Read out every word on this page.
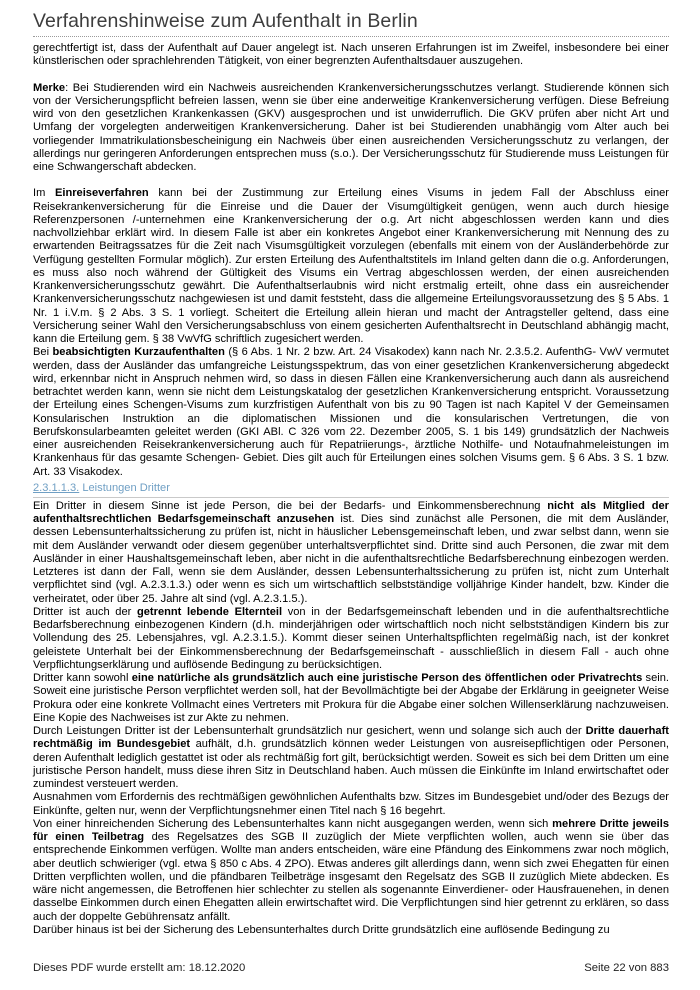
Verfahrenshinweise zum Aufenthalt in Berlin

gerechtfertigt ist, dass der Aufenthalt auf Dauer angelegt ist. Nach unseren Erfahrungen ist im Zweifel, insbesondere bei einer künstlerischen oder sprachlehrenden Tätigkeit, von einer begrenzten Aufenthaltsdauer auszugehen.

Merke: Bei Studierenden wird ein Nachweis ausreichenden Krankenversicherungsschutzes verlangt. Studierende können sich von der Versicherungspflicht befreien lassen, wenn sie über eine anderweitige Krankenversicherung verfügen. Diese Befreiung wird von den gesetzlichen Krankenkassen (GKV) ausgesprochen und ist unwiderruflich. Die GKV prüfen aber nicht Art und Umfang der vorgelegten anderweitigen Krankenversicherung. Daher ist bei Studierenden unabhängig vom Alter auch bei vorliegender Immatrikulationsbescheinigung ein Nachweis über einen ausreichenden Versicherungsschutz zu verlangen, der allerdings nur geringeren Anforderungen entsprechen muss (s.o.). Der Versicherungsschutz für Studierende muss Leistungen für eine Schwangerschaft abdecken.

Im Einreiseverfahren kann bei der Zustimmung zur Erteilung eines Visums in jedem Fall der Abschluss einer Reisekrankenversicherung für die Einreise und die Dauer der Visumgültigkeit genügen, wenn auch durch hiesige Referenzpersonen /-unternehmen eine Krankenversicherung der o.g. Art nicht abgeschlossen werden kann und dies nachvollziehbar erklärt wird. In diesem Falle ist aber ein konkretes Angebot einer Krankenversicherung mit Nennung des zu erwartenden Beitragssatzes für die Zeit nach Visumsgültigkeit vorzulegen (ebenfalls mit einem von der Ausländerbehörde zur Verfügung gestellten Formular möglich). Zur ersten Erteilung des Aufenthaltstitels im Inland gelten dann die o.g. Anforderungen, es muss also noch während der Gültigkeit des Visums ein Vertrag abgeschlossen werden, der einen ausreichenden Krankenversicherungsschutz gewährt. Die Aufenthaltserlaubnis wird nicht erstmalig erteilt, ohne dass ein ausreichender Krankenversicherungsschutz nachgewiesen ist und damit feststeht, dass die allgemeine Erteilungsvoraussetzung des § 5 Abs. 1 Nr. 1 i.V.m. § 2 Abs. 3 S. 1 vorliegt. Scheitert die Erteilung allein hieran und macht der Antragsteller geltend, dass eine Versicherung seiner Wahl den Versicherungsabschluss von einem gesicherten Aufenthaltsrecht in Deutschland abhängig macht, kann die Erteilung gem. § 38 VwVfG schriftlich zugesichert werden.

Bei beabsichtigten Kurzaufenthalten (§ 6 Abs. 1 Nr. 2 bzw. Art. 24 Visakodex) kann nach Nr. 2.3.5.2. AufenthG- VwV vermutet werden, dass der Ausländer das umfangreiche Leistungsspektrum, das von einer gesetzlichen Krankenversicherung abgedeckt wird, erkennbar nicht in Anspruch nehmen wird, so dass in diesen Fällen eine Krankenversicherung auch dann als ausreichend betrachtet werden kann, wenn sie nicht dem Leistungskatalog der gesetzlichen Krankenversicherung entspricht. Voraussetzung der Erteilung eines Schengen-Visums zum kurzfristigen Aufenthalt von bis zu 90 Tagen ist nach Kapitel V der Gemeinsamen Konsularischen Instruktion an die diplomatischen Missionen und die konsularischen Vertretungen, die von Berufskonsularbeamten geleitet werden (GKI ABl. C 326 vom 22. Dezember 2005, S. 1 bis 149) grundsätzlich der Nachweis einer ausreichenden Reisekrankenversicherung auch für Repatriierungs-, ärztliche Nothilfe- und Notaufnahmeleistungen im Krankenhaus für das gesamte Schengen- Gebiet. Dies gilt auch für Erteilungen eines solchen Visums gem. § 6 Abs. 3 S. 1 bzw. Art. 33 Visakodex.

2.3.1.1.3. Leistungen Dritter

Ein Dritter in diesem Sinne ist jede Person, die bei der Bedarfs- und Einkommensberechnung nicht als Mitglied der aufenthaltsrechtlichen Bedarfsgemeinschaft anzusehen ist. Dies sind zunächst alle Personen, die mit dem Ausländer, dessen Lebensunterhaltssicherung zu prüfen ist, nicht in häuslicher Lebensgemeinschaft leben, und zwar selbst dann, wenn sie mit dem Ausländer verwandt oder diesem gegenüber unterhaltsverpflichtet sind. Dritte sind auch Personen, die zwar mit dem Ausländer in einer Haushaltsgemeinschaft leben, aber nicht in die aufenthaltsrechtliche Bedarfsberechnung einbezogen werden. Letzteres ist dann der Fall, wenn sie dem Ausländer, dessen Lebensunterhaltssicherung zu prüfen ist, nicht zum Unterhalt verpflichtet sind (vgl. A.2.3.1.3.) oder wenn es sich um wirtschaftlich selbstständige volljährige Kinder handelt, bzw. Kinder die verheiratet, oder über 25. Jahre alt sind (vgl. A.2.3.1.5.).

Dritter ist auch der getrennt lebende Elternteil von in der Bedarfsgemeinschaft lebenden und in die aufenthaltsrechtliche Bedarfsberechnung einbezogenen Kindern (d.h. minderjährigen oder wirtschaftlich noch nicht selbstständigen Kindern bis zur Vollendung des 25. Lebensjahres, vgl. A.2.3.1.5.). Kommt dieser seinen Unterhaltspflichten regelmäßig nach, ist der konkret geleistete Unterhalt bei der Einkommensberechnung der Bedarfsgemeinschaft - ausschließlich in diesem Fall - auch ohne Verpflichtungserklärung und auflösende Bedingung zu berücksichtigen.

Dritter kann sowohl eine natürliche als grundsätzlich auch eine juristische Person des öffentlichen oder Privatrechts sein. Soweit eine juristische Person verpflichtet werden soll, hat der Bevollmächtigte bei der Abgabe der Erklärung in geeigneter Weise Prokura oder eine konkrete Vollmacht eines Vertreters mit Prokura für die Abgabe einer solchen Willenserklärung nachzuweisen. Eine Kopie des Nachweises ist zur Akte zu nehmen.

Durch Leistungen Dritter ist der Lebensunterhalt grundsätzlich nur gesichert, wenn und solange sich auch der Dritte dauerhaft rechtmäßig im Bundesgebiet aufhält, d.h. grundsätzlich können weder Leistungen von ausreisepflichtigen oder Personen, deren Aufenthalt lediglich gestattet ist oder als rechtmäßig fort gilt, berücksichtigt werden. Soweit es sich bei dem Dritten um eine juristische Person handelt, muss diese ihren Sitz in Deutschland haben. Auch müssen die Einkünfte im Inland erwirtschaftet oder zumindest versteuert werden.

Ausnahmen vom Erfordernis des rechtmäßigen gewöhnlichen Aufenthalts bzw. Sitzes im Bundesgebiet und/oder des Bezugs der Einkünfte, gelten nur, wenn der Verpflichtungsnehmer einen Titel nach § 16 begehrt.

Von einer hinreichenden Sicherung des Lebensunterhaltes kann nicht ausgegangen werden, wenn sich mehrere Dritte jeweils für einen Teilbetrag des Regelsatzes des SGB II zuzüglich der Miete verpflichten wollen, auch wenn sie über das entsprechende Einkommen verfügen. Wollte man anders entscheiden, wäre eine Pfändung des Einkommens zwar noch möglich, aber deutlich schwieriger (vgl. etwa § 850 c Abs. 4 ZPO). Etwas anderes gilt allerdings dann, wenn sich zwei Ehegatten für einen Dritten verpflichten wollen, und die pfändbaren Teilbeträge insgesamt den Regelsatz des SGB II zuzüglich Miete abdecken. Es wäre nicht angemessen, die Betroffenen hier schlechter zu stellen als sogenannte Einverdiener- oder Hausfrauenehen, in denen dasselbe Einkommen durch einen Ehegatten allein erwirtschaftet wird. Die Verpflichtungen sind hier getrennt zu erklären, so dass auch der doppelte Gebührensatz anfällt.

Darüber hinaus ist bei der Sicherung des Lebensunterhaltes durch Dritte grundsätzlich eine auflösende Bedingung zu

Dieses PDF wurde erstellt am: 18.12.2020	Seite 22 von 883
